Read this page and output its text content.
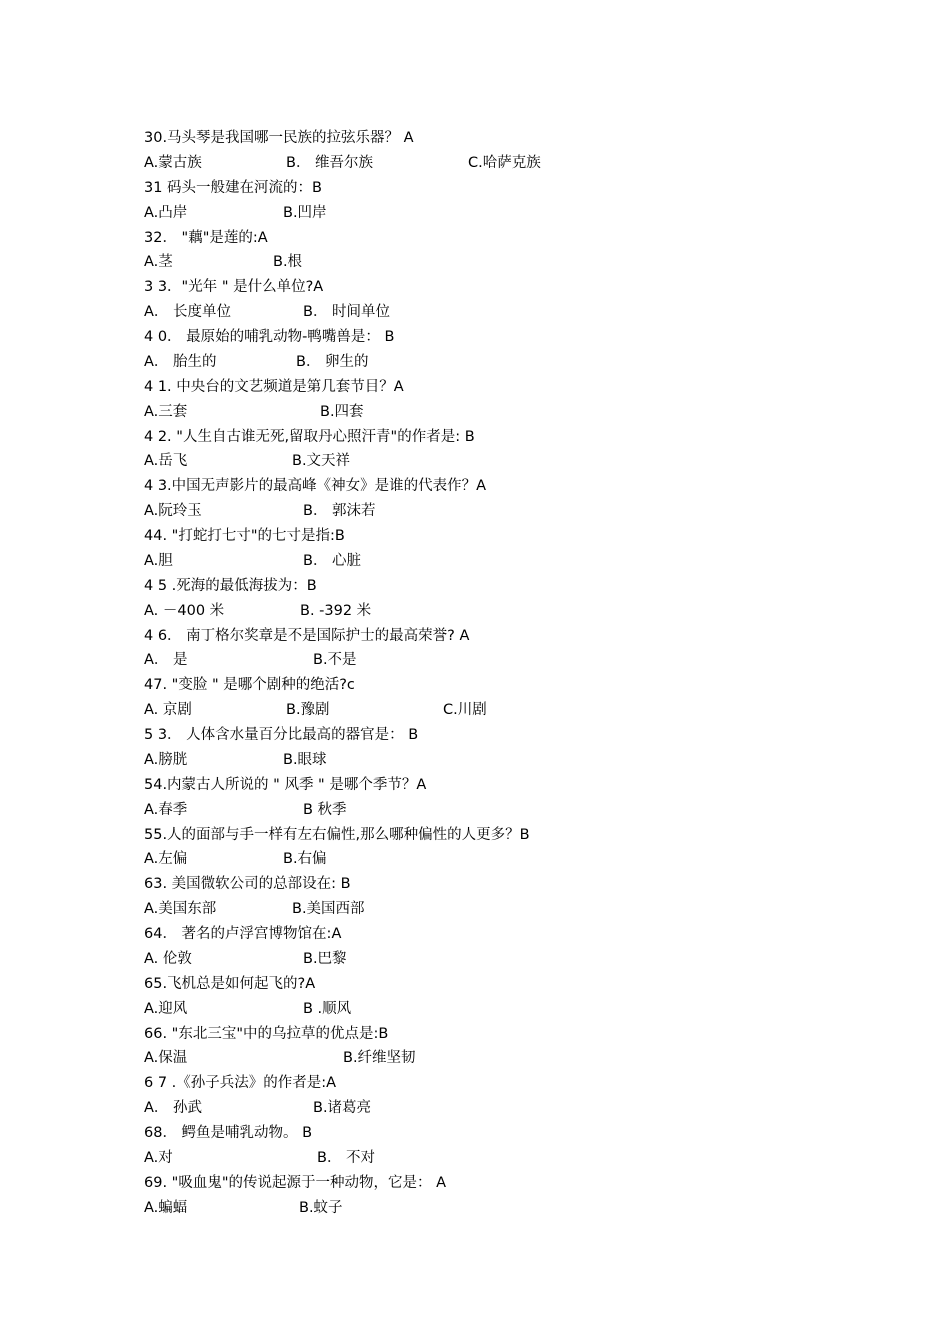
30.马头琴是我国哪一民族的拉弦乐器？ A
A.蒙古族	B． 维吾尔族	C.哈萨克族
31 码头一般建在河流的：B
A.凸岸	B.凹岸
32． "藕"是莲的:A
A.茎	B.根
3 3．"光年 " 是什么单位?A
A． 长度单位	B． 时间单位
4 0． 最原始的哺乳动物-鸭嘴兽是： B
A． 胎生的	B． 卵生的
4 1. 中央台的文艺频道是第几套节目？A
A.三套	B.四套
4 2. "人生自古谁无死,留取丹心照汗青"的作者是: B
A.岳飞	B.文天祥
4 3.中国无声影片的最高峰《神女》是谁的代表作？A
A.阮玲玉	B． 郭沫若
44. "打蛇打七寸"的七寸是指:B
A.胆	B． 心脏
4 5 .死海的最低海拔为：B
A. －400 米	B. -392 米
4 6． 南丁格尔奖章是不是国际护士的最高荣誉? A
A． 是	B.不是
47. "变脸 " 是哪个剧种的绝活?c
A. 京剧	B.豫剧	C.川剧
5 3． 人体含水量百分比最高的器官是： B
A.膀胱	B.眼球
54.内蒙古人所说的 " 风季 " 是哪个季节？A
A.春季	B 秋季
55.人的面部与手一样有左右偏性,那么哪种偏性的人更多？B
A.左偏	B.右偏
63. 美国微软公司的总部设在: B
A.美国东部	B.美国西部
64． 著名的卢浮宫博物馆在:A
A. 伦敦	B.巴黎
65.飞机总是如何起飞的?A
A.迎风	B .顺风
66. "东北三宝"中的乌拉草的优点是:B
A.保温	B.纤维坚韧
6 7 .《孙子兵法》的作者是:A
A． 孙武	B.诸葛亮
68． 鳄鱼是哺乳动物。 B
A.对	B． 不对
69. "吸血鬼"的传说起源于一种动物，它是： A
A.蝙蝠	B.蚊子
